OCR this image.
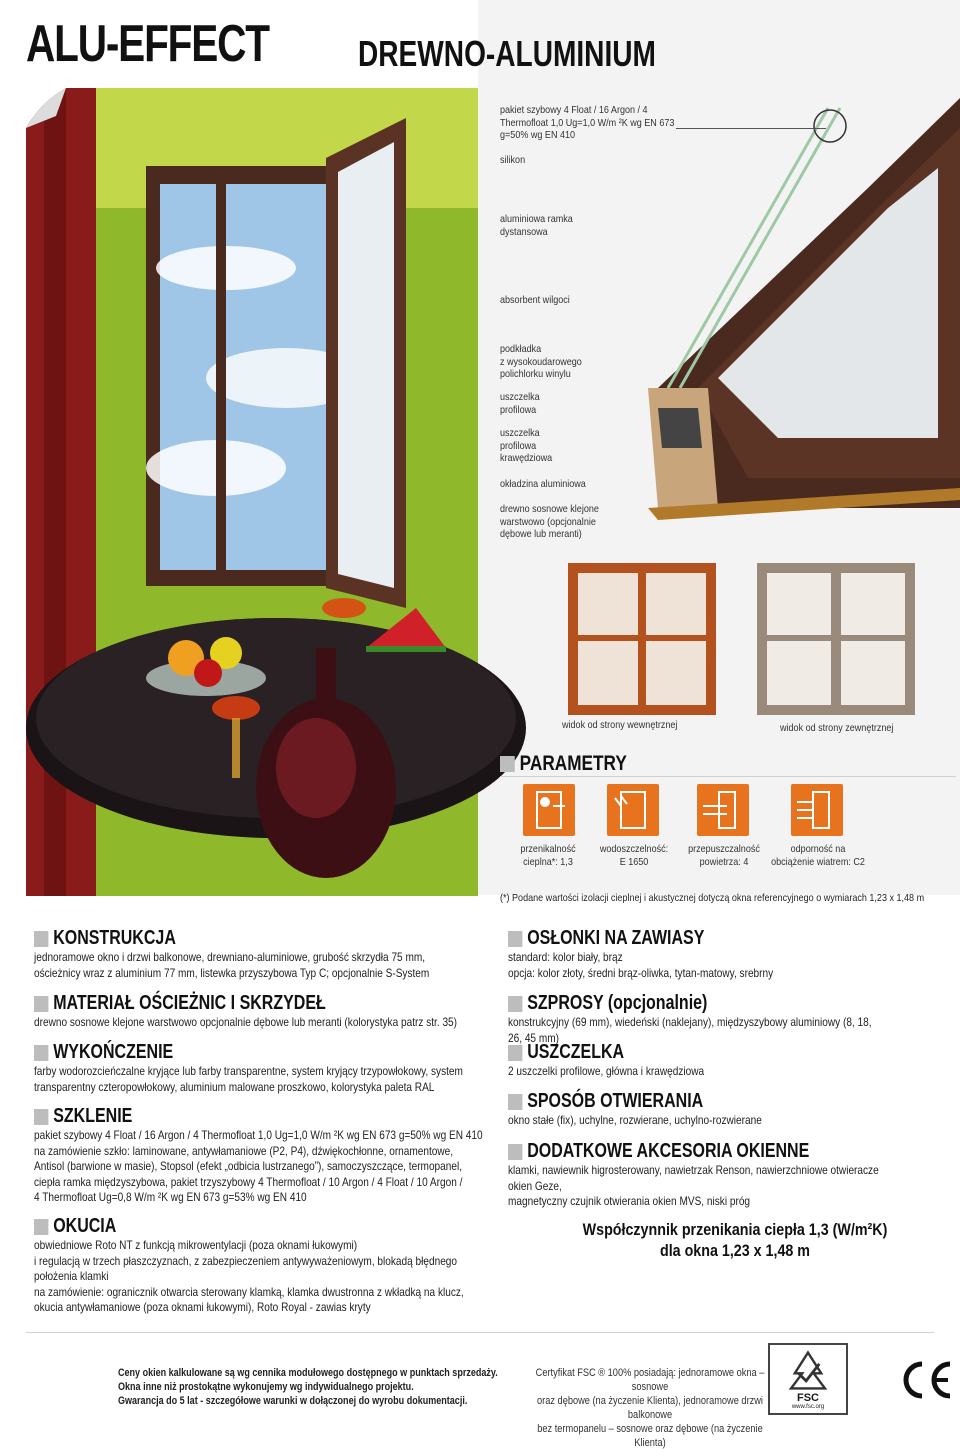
ALU-EFFECT DREWNO-ALUMINIUM
pakiet szybowy 4 Float / 16 Argon / 4
Thermofloat 1,0 Ug=1,0 W/m ²K wg EN 673
g=50% wg EN 410
silikon
aluminiowa ramka
dystansowa
absorbent wilgoci
podkładka
z wysokoudarowego
polichlorku winylu
uszczelka
profilowa
uszczelka
profilowa
krawędziowa
okładzina aluminiowa
drewno sosnowe klejone
warstwowo (opcjonalnie
dębowe lub meranti)
widok od strony wewnętrznej	widok od strony zewnętrznej
PARAMETRY
przenikalność
cieplna*: 1,3
wodoszczelność:
E 1650
przepuszczalność
powietrza: 4
odporność na
obciążenie wiatrem: C2
(*) Podane wartości izolacji cieplnej i akustycznej dotyczą okna referencyjnego o wymiarach 1,23 x 1,48 m
KONSTRUKCJA
jednoramowe okno i drzwi balkonowe, drewniano-aluminiowe, grubość skrzydła 75 mm,
ościeżnicy wraz z aluminium 77 mm, listewka przyszybowa Typ C; opcjonalnie S-System
MATERIAŁ OŚCIEŻNIC I SKRZYDEŁ
drewno sosnowe klejone warstwowo opcjonalnie dębowe lub meranti (kolorystyka patrz str. 35)
WYKOŃCZENIE
farby wodorozcieńczalne kryjące lub farby transparentne, system kryjący trzypowłokowy, system
transparentny czteropowłokowy, aluminium malowane proszkowo, kolorystyka paleta RAL
SZKLENIE
pakiet szybowy 4 Float / 16 Argon / 4 Thermofloat 1,0 Ug=1,0 W/m ²K wg EN 673 g=50% wg EN 410
na zamówienie szkło: laminowane, antywłamaniowe (P2, P4), dźwiękochłonne, ornamentowe,
Antisol (barwione w masie), Stopsol (efekt „odbicia lustrzanego”), samoczyszczące, termopanel,
ciepła ramka międzyszybowa, pakiet trzyszybowy 4 Thermofloat / 10 Argon / 4 Float / 10 Argon /
4 Thermofloat Ug=0,8 W/m ²K wg EN 673 g=53% wg EN 410
OKUCIA
obwiedniowe Roto NT z funkcją mikrowentylacji (poza oknami łukowymi)
i regulacją w trzech płaszczyznach, z zabezpieczeniem antywyważeniowym, blokadą błędnego
położenia klamki
na zamówienie: ogranicznik otwarcia sterowany klamką, klamka dwustronna z wkładką na klucz,
okucia antywłamaniowe (poza oknami łukowymi), Roto Royal - zawias kryty
OSŁONKI NA ZAWIASY
standard: kolor biały, brąz
opcja: kolor złoty, średni brąz-oliwka, tytan-matowy, srebrny
SZPROSY (opcjonalnie)
konstrukcyjny (69 mm), wiedeński (naklejany), międzyszybowy aluminiowy (8, 18, 26, 45 mm)
USZCZELKA
2 uszczelki profilowe, główna i krawędziowa
SPOSÓB OTWIERANIA
okno stałe (fix), uchylne, rozwierane, uchylno-rozwierane
DODATKOWE AKCESORIA OKIENNE
klamki, nawiewnik higrosterowany, nawietrzak Renson, nawierzchniowe otwieracze okien Geze,
magnetyczny czujnik otwierania okien MVS, niski próg
Współczynnik przenikania ciepła 1,3 (W/m²K)
dla okna 1,23 x 1,48 m
Ceny okien kalkulowane są wg cennika modułowego dostępnego w punktach sprzedaży.
Okna inne niż prostokątne wykonujemy wg indywidualnego projektu.
Gwarancja do 5 lat - szczegółowe warunki w dołączonej do wyrobu dokumentacji.
Certyfikat FSC ® 100% posiadają: jednoramowe okna – sosnowe
oraz dębowe (na życzenie Klienta), jednoramowe drzwi balkonowe
bez termopanelu – sosnowe oraz dębowe (na życzenie Klienta)
FSC
www.fsc.org
